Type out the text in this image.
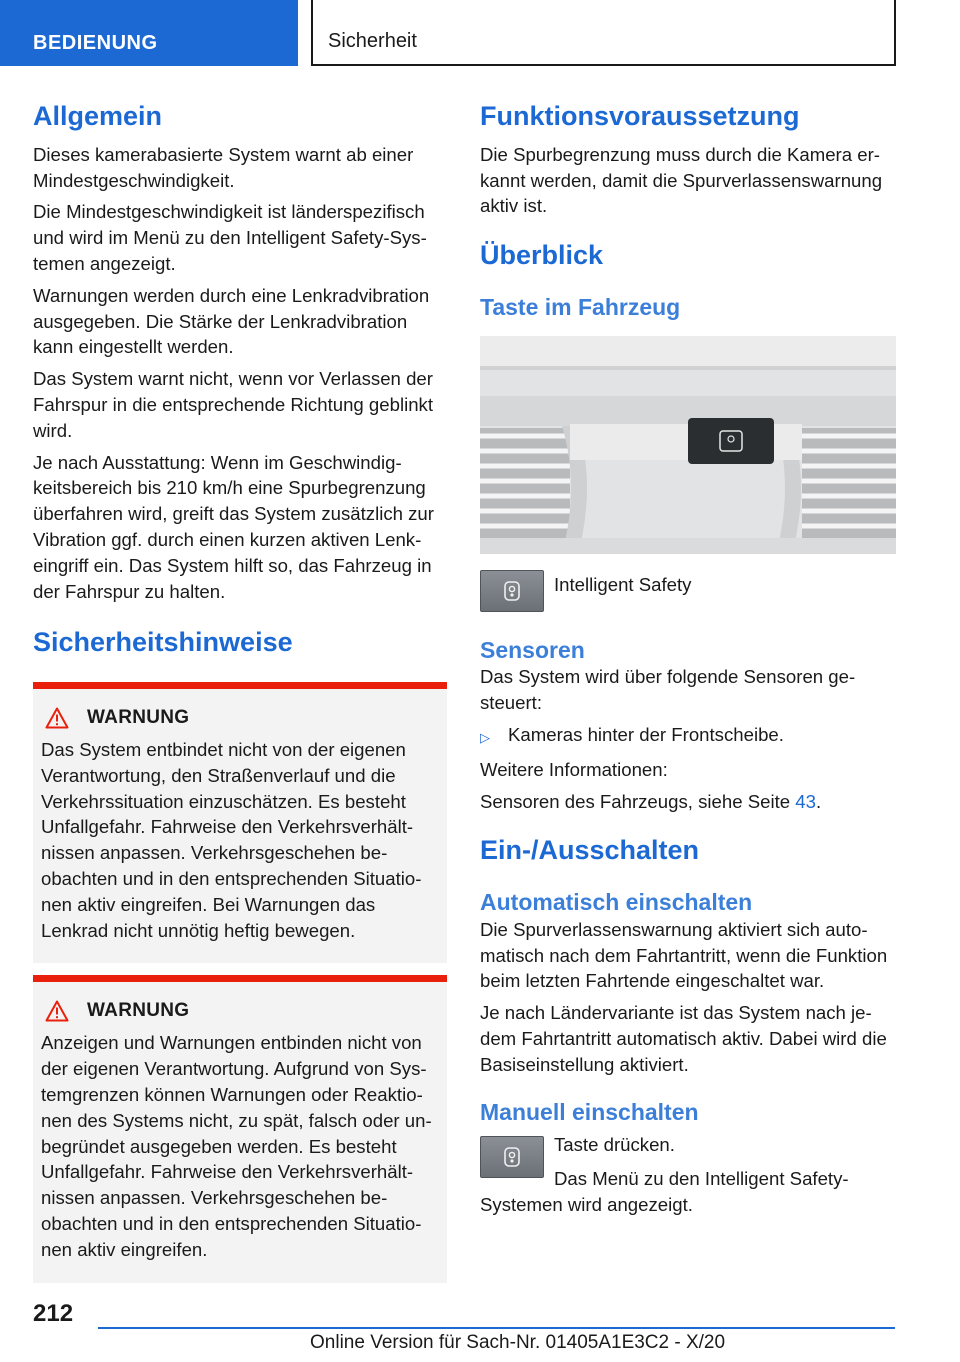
BEDIENUNG	Sicherheit
Allgemein

Dieses kamerabasierte System warnt ab einer Mindestgeschwindigkeit.

Die Mindestgeschwindigkeit ist länderspezifisch und wird im Menü zu den Intelligent Safety-Systemen angezeigt.

Warnungen werden durch eine Lenkradvibration ausgegeben. Die Stärke der Lenkradvibration kann eingestellt werden.

Das System warnt nicht, wenn vor Verlassen der Fahrspur in die entsprechende Richtung geblinkt wird.

Je nach Ausstattung: Wenn im Geschwindigkeitsbereich bis 210 km/h eine Spurbegrenzung überfahren wird, greift das System zusätzlich zur Vibration ggf. durch einen kurzen aktiven Lenkeingriff ein. Das System hilft so, das Fahrzeug in der Fahrspur zu halten.

Sicherheitshinweise
WARNUNG

Das System entbindet nicht von der eigenen Verantwortung, den Straßenverlauf und die Verkehrssituation einzuschätzen. Es besteht Unfallgefahr. Fahrweise den Verkehrsverhältnissen anpassen. Verkehrsgeschehen beobachten und in den entsprechenden Situationen aktiv eingreifen. Bei Warnungen das Lenkrad nicht unnötig heftig bewegen.

WARNUNG

Anzeigen und Warnungen entbinden nicht von der eigenen Verantwortung. Aufgrund von Systemgrenzen können Warnungen oder Reaktionen des Systems nicht, zu spät, falsch oder unbegründet ausgegeben werden. Es besteht Unfallgefahr. Fahrweise den Verkehrsverhältnissen anpassen. Verkehrsgeschehen beobachten und in den entsprechenden Situationen aktiv eingreifen.

Funktionsvoraussetzung

Die Spurbegrenzung muss durch die Kamera erkannt werden, damit die Spurverlassenswarnung aktiv ist.

Überblick
Taste im Fahrzeug
Intelligent Safety
Sensoren

Das System wird über folgende Sensoren gesteuert:

▷ Kameras hinter der Frontscheibe.

Weitere Informationen:

Sensoren des Fahrzeugs, siehe Seite 43.

Ein-/Ausschalten
Automatisch einschalten

Die Spurverlassenswarnung aktiviert sich automatisch nach dem Fahrtantritt, wenn die Funktion beim letzten Fahrtende eingeschaltet war.

Je nach Ländervariante ist das System nach jedem Fahrtantritt automatisch aktiv. Dabei wird die Basiseinstellung aktiviert.

Manuell einschalten
Taste drücken.
Das Menü zu den Intelligent Safety-

Systemen wird angezeigt.

212
Online Version für Sach-Nr. 01405A1E3C2 - X/20
